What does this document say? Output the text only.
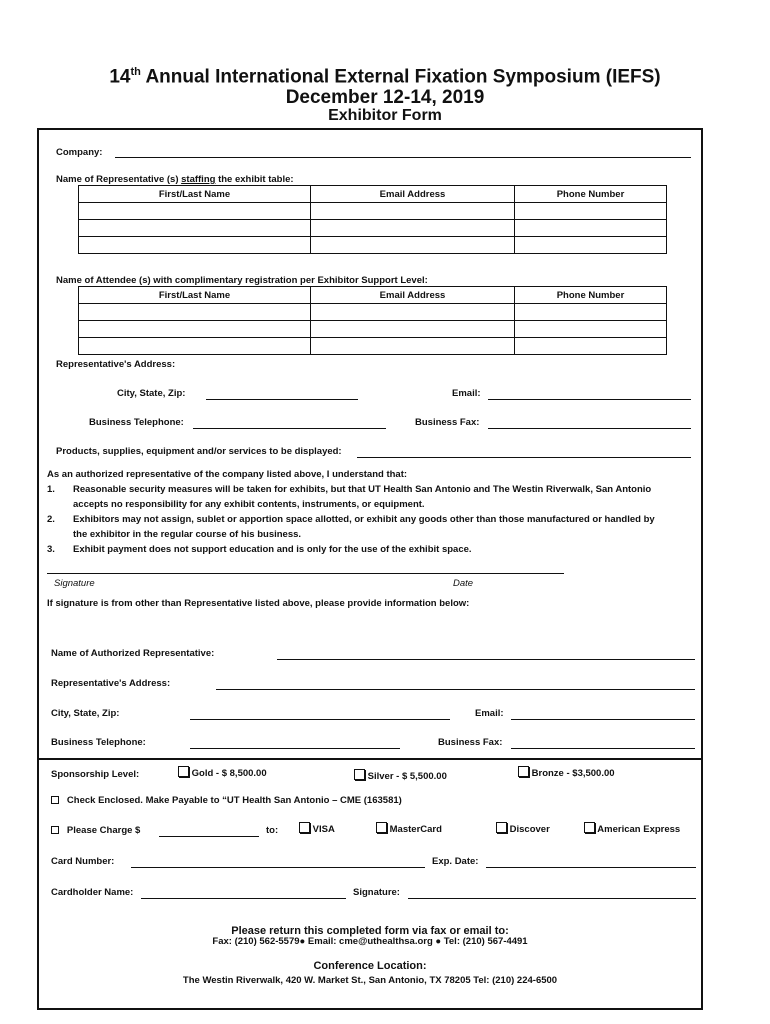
14th Annual International External Fixation Symposium (IEFS)
December 12-14, 2019
Exhibitor Form
Company:
Name of Representative (s) staffing the exhibit table:
First/Last Name	Email Address	Phone Number

Name of Attendee (s) with complimentary registration per Exhibitor Support Level:
First/Last Name	Email Address	Phone Number

Representative's Address:
City, State, Zip:	Email:
Business Telephone:	Business Fax:
Products, supplies, equipment and/or services to be displayed:
As an authorized representative of the company listed above, I understand that:
1. Reasonable security measures will be taken for exhibits, but that UT Health San Antonio and The Westin Riverwalk, San Antonio
accepts no responsibility for any exhibit contents, instruments, or equipment.
2. Exhibitors may not assign, sublet or apportion space allotted, or exhibit any goods other than those manufactured or handled by
the exhibitor in the regular course of his business.
3. Exhibit payment does not support education and is only for the use of the exhibit space.
Signature	Date
If signature is from other than Representative listed above, please provide information below:
Name of Authorized Representative:
Representative's Address:
City, State, Zip:	Email:
Business Telephone:	Business Fax:
Sponsorship Level:	Gold - $ 8,500.00	Silver - $ 5,500.00	Bronze - $3,500.00
Check Enclosed. Make Payable to “UT Health San Antonio – CME (163581)
Please Charge $	to:	VISA	MasterCard	Discover	American Express
Card Number:	Exp. Date:
Cardholder Name:	Signature:
Please return this completed form via fax or email to:
Fax: (210) 562-5579● Email: cme@uthealthsa.org ● Tel: (210) 567-4491
Conference Location:
The Westin Riverwalk, 420 W. Market St., San Antonio, TX 78205 Tel: (210) 224-6500
